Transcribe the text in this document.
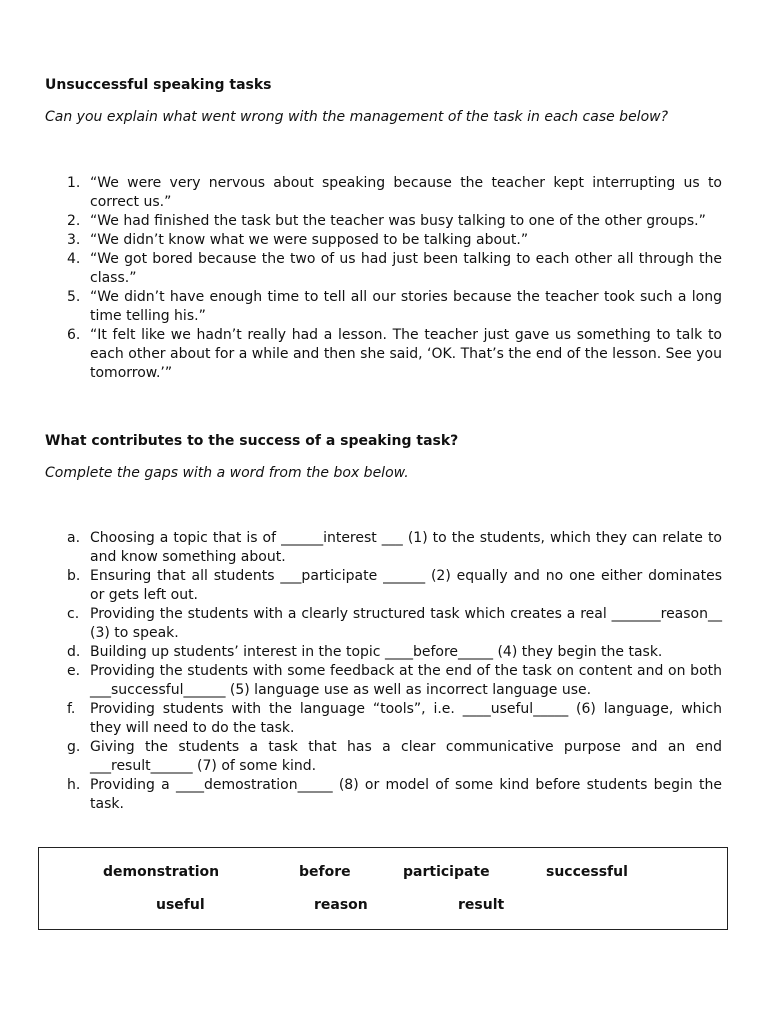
Unsuccessful speaking tasks
Can you explain what went wrong with the management of the task in each case below?
1. “We were very nervous about speaking because the teacher kept interrupting us to correct us.”
2. “We had finished the task but the teacher was busy talking to one of the other groups.”
3. “We didn’t know what we were supposed to be talking about.”
4. “We got bored because the two of us had just been talking to each other all through the class.”
5. “We didn’t have enough time to tell all our stories because the teacher took such a long time telling his.”
6. “It felt like we hadn’t really had a lesson. The teacher just gave us something to talk to each other about for a while and then she said, ‘OK. That’s the end of the lesson. See you tomorrow.’”
What contributes to the success of a speaking task?
Complete the gaps with a word from the box below.
a. Choosing a topic that is of ______interest ___ (1) to the students, which they can relate to and know something about.
b. Ensuring that all students ___participate ______ (2) equally and no one either dominates or gets left out.
c. Providing the students with a clearly structured task which creates a real _______reason__ (3) to speak.
d. Building up students’ interest in the topic ____before_____ (4) they begin the task.
e. Providing the students with some feedback at the end of the task on content and on both ___successful______ (5) language use as well as incorrect language use.
f. Providing students with the language “tools”, i.e. ____useful_____ (6) language, which they will need to do the task.
g. Giving the students a task that has a clear communicative purpose and an end ___result______ (7) of some kind.
h. Providing a ____demostration_____ (8) or model of some kind before students begin the task.
demonstration	before	participate	successful
useful	reason	result
